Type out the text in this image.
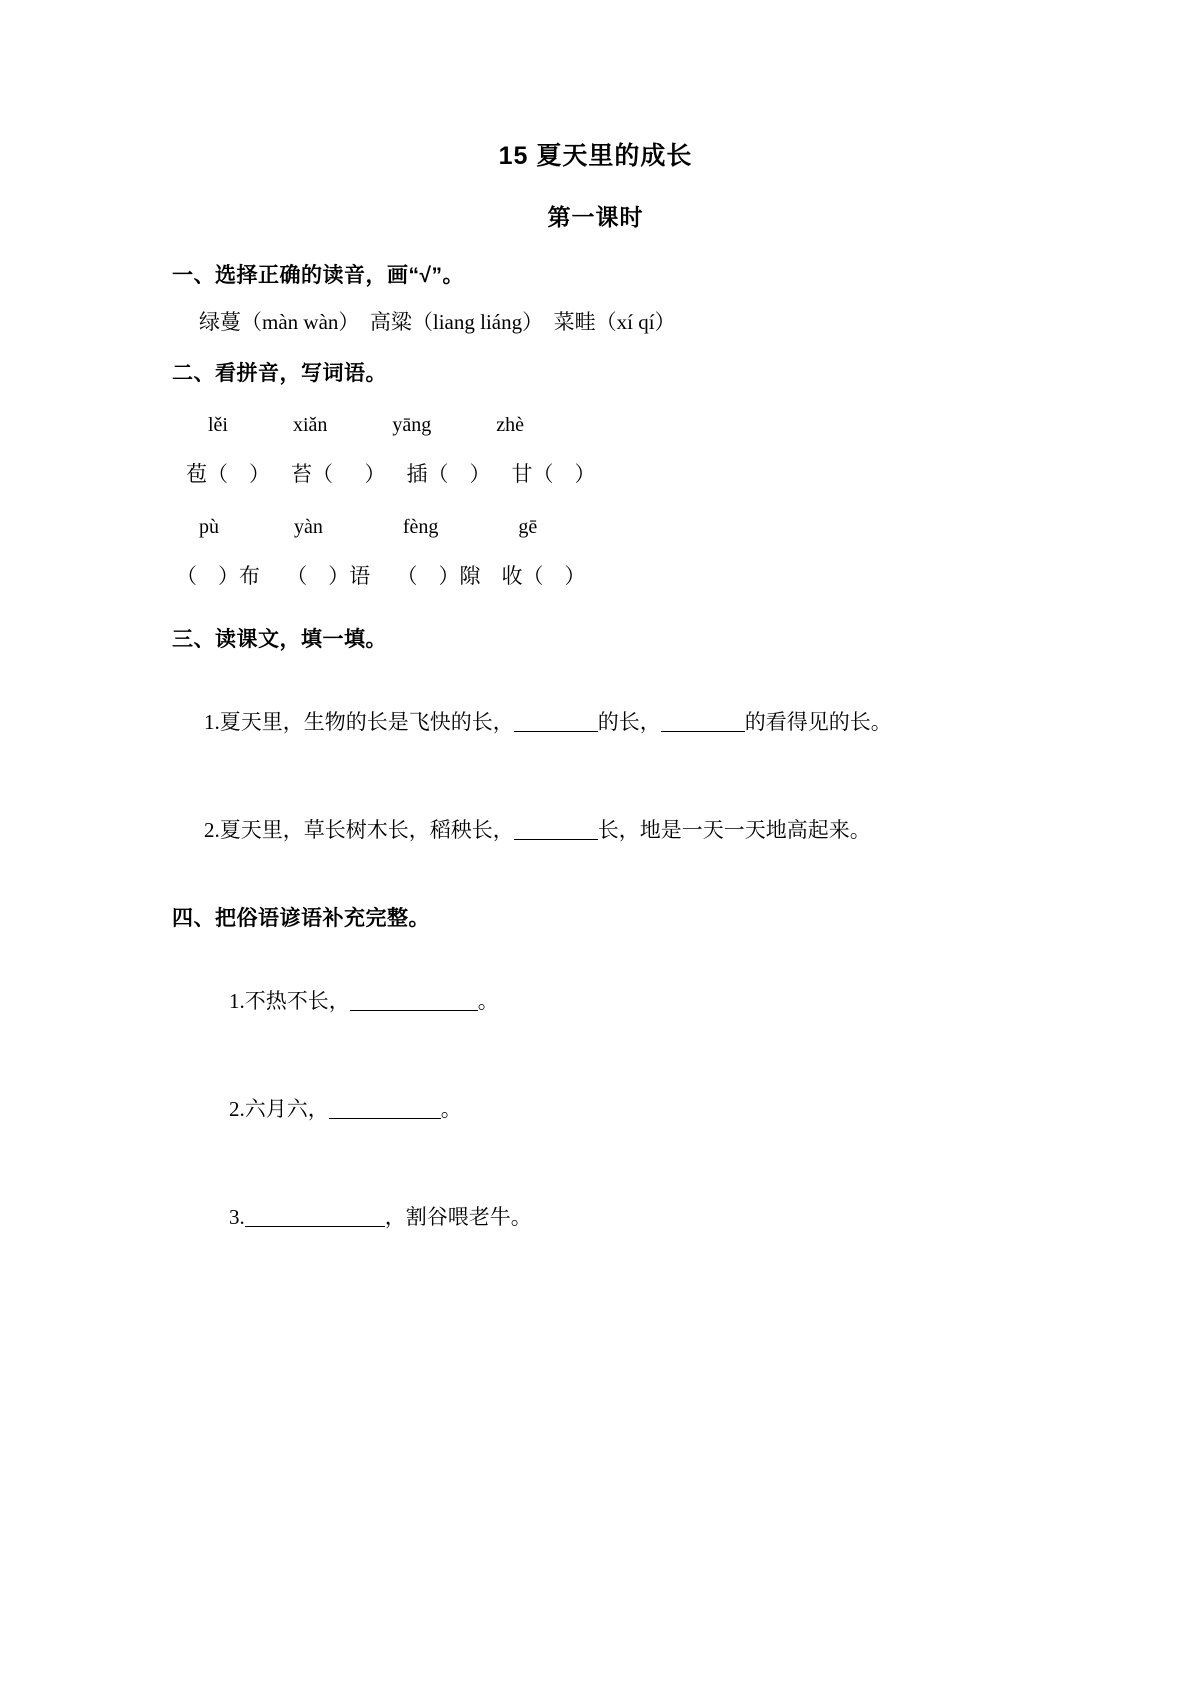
15 夏天里的成长
第一课时
一、选择正确的读音，画“√”。
绿蔓（màn wàn）　高粱（liang liáng）　菜畦（xí qí）
二、看拼音，写词语。
lěi             xiǎn             yāng             zhè
苞（    ）    苔（      ）    插（    ）    甘（    ）
pù               yàn                fèng                gē
（    ）布     （    ）语     （    ）隙    收（    ）
三、读课文，填一填。

1.夏天里，生物的长是飞快的长，	的长，	的看得见的长。

2.夏天里，草长树木长，稻秧长，	长，地是一天一天地高起来。

四、把俗语谚语补充完整。

1.不热不长，	。

2.六月六，	。

3.	，割谷喂老牛。
